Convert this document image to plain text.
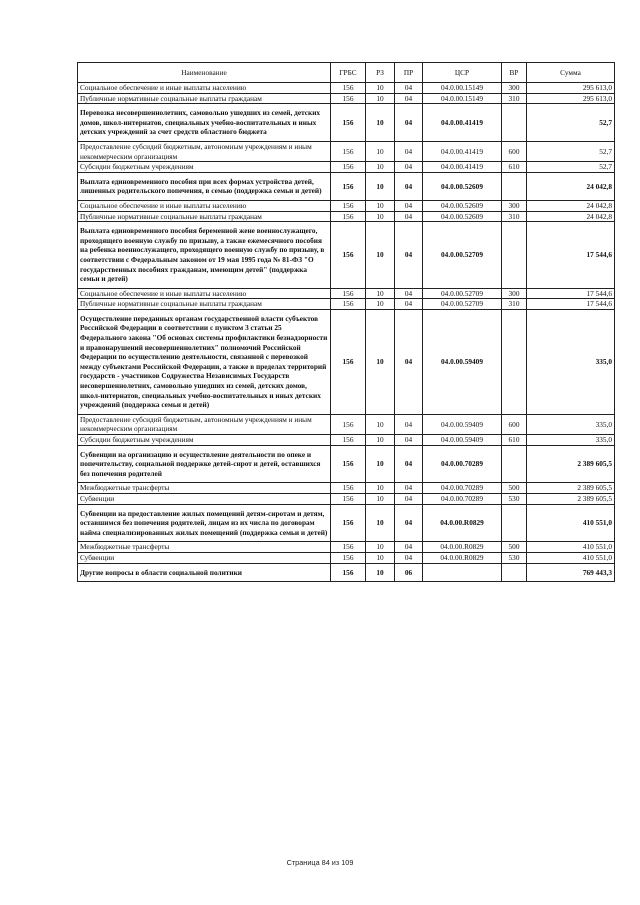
Наименование	ГРБС	РЗ	ПР	ЦСР	ВР	Сумма
Социальное обеспечение и иные выплаты населению	156	10	04	04.0.00.15149	300	295 613,0
Публичные нормативные социальные выплаты гражданам	156	10	04	04.0.00.15149	310	295 613,0
Перевозка несовершеннолетних, самовольно ушедших из семей, детских домов, школ-интернатов, специальных учебно-воспитательных и иных детских учреждений за счет средств областного бюджета	156	10	04	04.0.00.41419		52,7
Предоставление субсидий бюджетным, автономным учреждениям и иным некоммерческим организациям	156	10	04	04.0.00.41419	600	52,7
Субсидии бюджетным учреждениям	156	10	04	04.0.00.41419	610	52,7
Выплата единовременного пособия при всех формах устройства детей, лишенных родительского попечения, в семью (поддержка семьи и детей)	156	10	04	04.0.00.52609		24 042,8
Социальное обеспечение и иные выплаты населению	156	10	04	04.0.00.52609	300	24 042,8
Публичные нормативные социальные выплаты гражданам	156	10	04	04.0.00.52609	310	24 042,8
Выплата единовременного пособия беременной жене военнослужащего, проходящего военную службу по призыву, а также ежемесячного пособия на ребенка военнослужащего, проходящего военную службу по призыву, в соответствии с Федеральным законом от 19 мая 1995 года № 81-ФЗ "О государственных пособиях гражданам, имеющим детей" (поддержка семьи и детей)	156	10	04	04.0.00.52709		17 544,6
Социальное обеспечение и иные выплаты населению	156	10	04	04.0.00.52709	300	17 544,6
Публичные нормативные социальные выплаты гражданам	156	10	04	04.0.00.52709	310	17 544,6
Осуществление переданных органам государственной власти субъектов Российской Федерации в соответствии с пунктом 3 статьи 25 Федерального закона "Об основах системы профилактики безнадзорности и правонарушений несовершеннолетних" полномочий Российской Федерации по осуществлению деятельности, связанной с перевозкой между субъектами Российской Федерации, а также в пределах территорий государств - участников Содружества Независимых Государств несовершеннолетних, самовольно ушедших из семей, детских домов, школ-интернатов, специальных учебно-воспитательных и иных детских учреждений (поддержка семьи и детей)	156	10	04	04.0.00.59409		335,0
Предоставление субсидий бюджетным, автономным учреждениям и иным некоммерческим организациям	156	10	04	04.0.00.59409	600	335,0
Субсидии бюджетным учреждениям	156	10	04	04.0.00.59409	610	335,0
Субвенции на организацию и осуществление деятельности по опеке и попечительству, социальной поддержке детей-сирот и детей, оставшихся без попечения родителей	156	10	04	04.0.00.70289		2 389 605,5
Межбюджетные трансферты	156	10	04	04.0.00.70289	500	2 389 605,5
Субвенции	156	10	04	04.0.00.70289	530	2 389 605,5
Субвенции на предоставление жилых помещений детям-сиротам и детям, оставшимся без попечения родителей, лицам из их числа по договорам найма специализированных жилых помещений (поддержка семьи и детей)	156	10	04	04.0.00.R0829		410 551,0
Межбюджетные трансферты	156	10	04	04.0.00.R0829	500	410 551,0
Субвенции	156	10	04	04.0.00.R0829	530	410 551,0
Другие вопросы в области социальной политики	156	10	06			769 443,3
Страница 84 из 109
